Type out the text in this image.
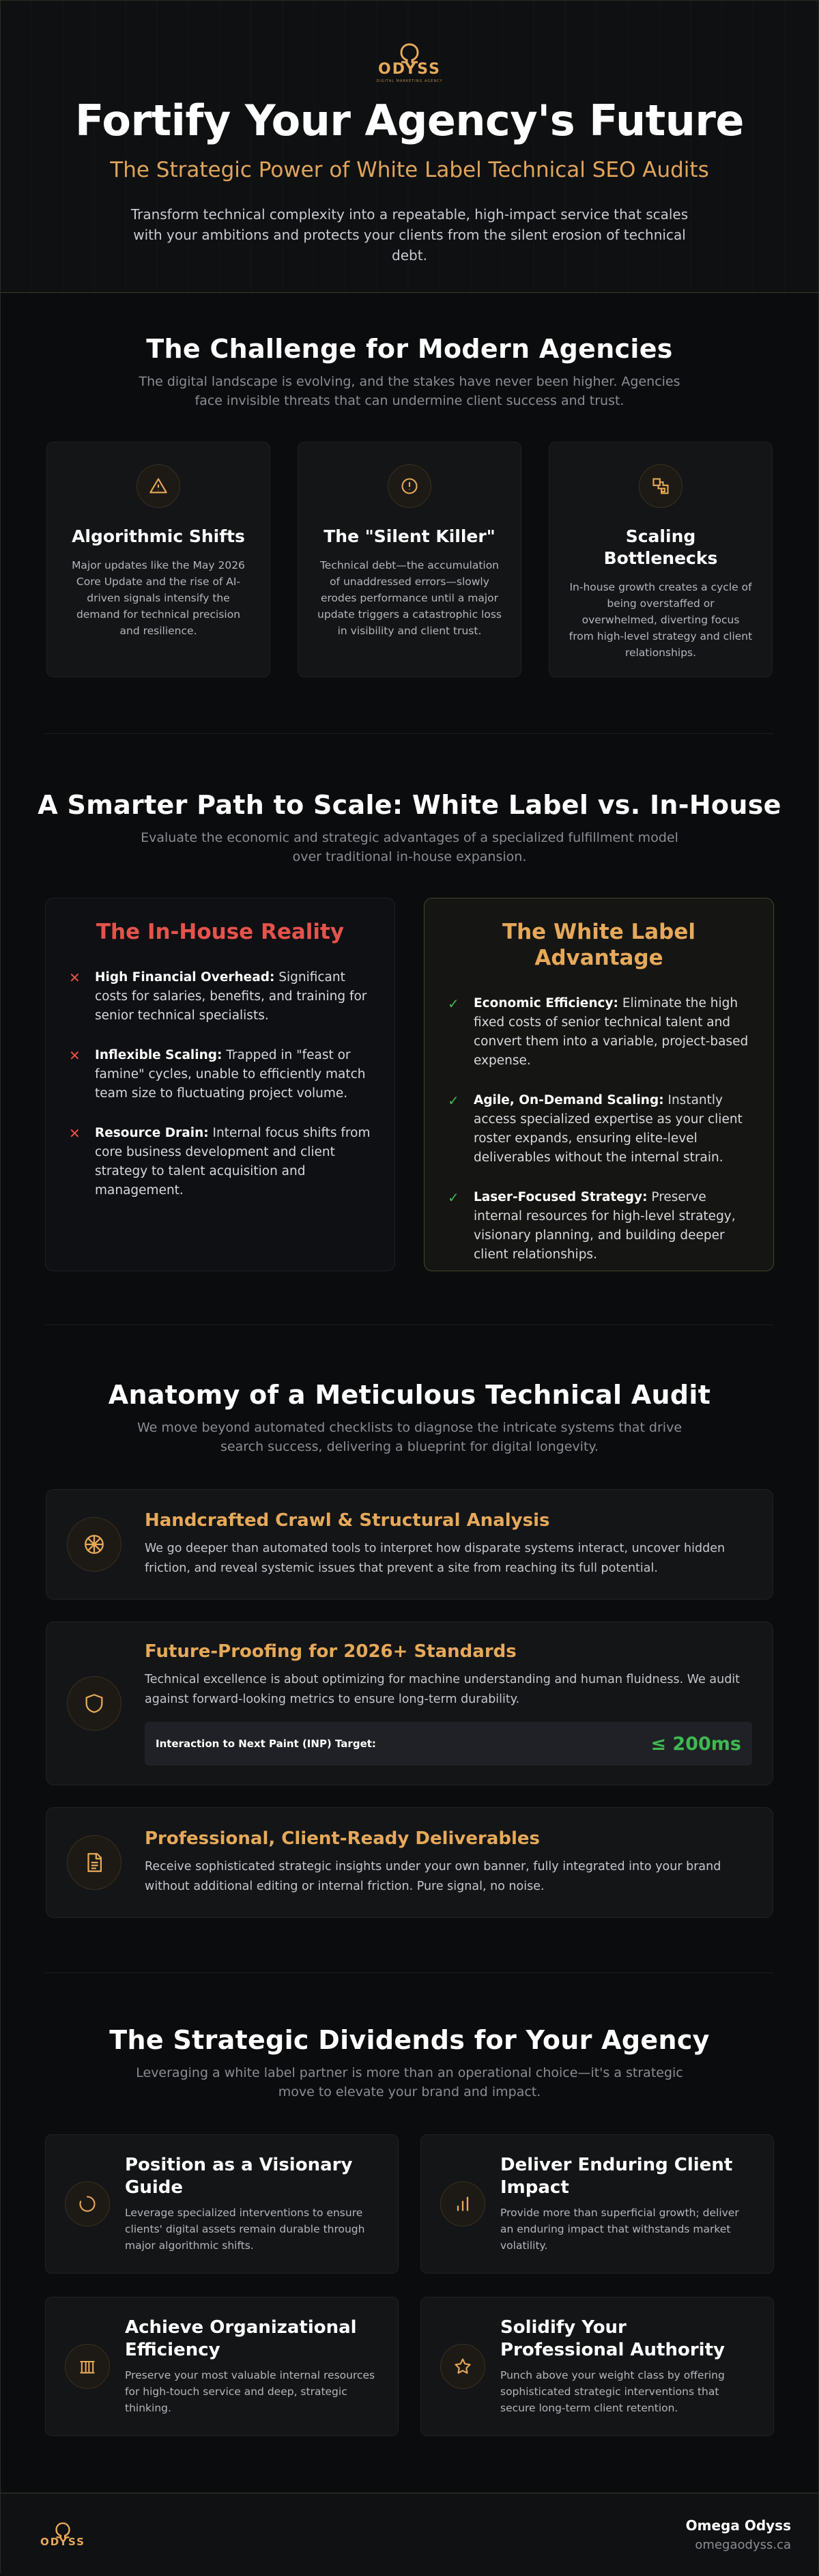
ODYSS
DIGITAL MARKETING AGENCY
Fortify Your Agency's Future
The Strategic Power of White Label Technical SEO Audits

Transform technical complexity into a repeatable, high-impact service that scales with your ambitions and protects your clients from the silent erosion of technical debt.

The Challenge for Modern Agencies
The digital landscape is evolving, and the stakes have never been higher. Agencies face invisible threats that can undermine client success and trust.
Algorithmic Shifts

Major updates like the May 2026 Core Update and the rise of AI-driven signals intensify the demand for technical precision and resilience.

The "Silent Killer"

Technical debt—the accumulation of unaddressed errors—slowly erodes performance until a major update triggers a catastrophic loss in visibility and client trust.

Scaling Bottlenecks

In-house growth creates a cycle of being overstaffed or overwhelmed, diverting focus from high-level strategy and client relationships.

A Smarter Path to Scale: White Label vs. In-House
Evaluate the economic and strategic advantages of a specialized fulfillment model over traditional in-house expansion.
The In-House Reality
✕ High Financial Overhead: Significant costs for salaries, benefits, and training for senior technical specialists.
✕ Inflexible Scaling: Trapped in "feast or famine" cycles, unable to efficiently match team size to fluctuating project volume.
✕ Resource Drain: Internal focus shifts from core business development and client strategy to talent acquisition and management.
The White Label Advantage
✓ Economic Efficiency: Eliminate the high fixed costs of senior technical talent and convert them into a variable, project-based expense.
✓ Agile, On-Demand Scaling: Instantly access specialized expertise as your client roster expands, ensuring elite-level deliverables without the internal strain.
✓ Laser-Focused Strategy: Preserve internal resources for high-level strategy, visionary planning, and building deeper client relationships.
Anatomy of a Meticulous Technical Audit
We move beyond automated checklists to diagnose the intricate systems that drive search success, delivering a blueprint for digital longevity.
Handcrafted Crawl & Structural Analysis

We go deeper than automated tools to interpret how disparate systems interact, uncover hidden friction, and reveal systemic issues that prevent a site from reaching its full potential.

Future-Proofing for 2026+ Standards

Technical excellence is about optimizing for machine understanding and human fluidness. We audit against forward-looking metrics to ensure long-term durability.

Interaction to Next Paint (INP) Target:	≤ 200ms
Professional, Client-Ready Deliverables

Receive sophisticated strategic insights under your own banner, fully integrated into your brand without additional editing or internal friction. Pure signal, no noise.

The Strategic Dividends for Your Agency
Leveraging a white label partner is more than an operational choice—it's a strategic move to elevate your brand and impact.
Position as a Visionary Guide

Leverage specialized interventions to ensure clients' digital assets remain durable through major algorithmic shifts.

Deliver Enduring Client Impact

Provide more than superficial growth; deliver an enduring impact that withstands market volatility.

Achieve Organizational Efficiency

Preserve your most valuable internal resources for high-touch service and deep, strategic thinking.

Solidify Your Professional Authority

Punch above your weight class by offering sophisticated strategic interventions that secure long-term client retention.

ODYSS
Omega Odyss
omegaodyss.ca
